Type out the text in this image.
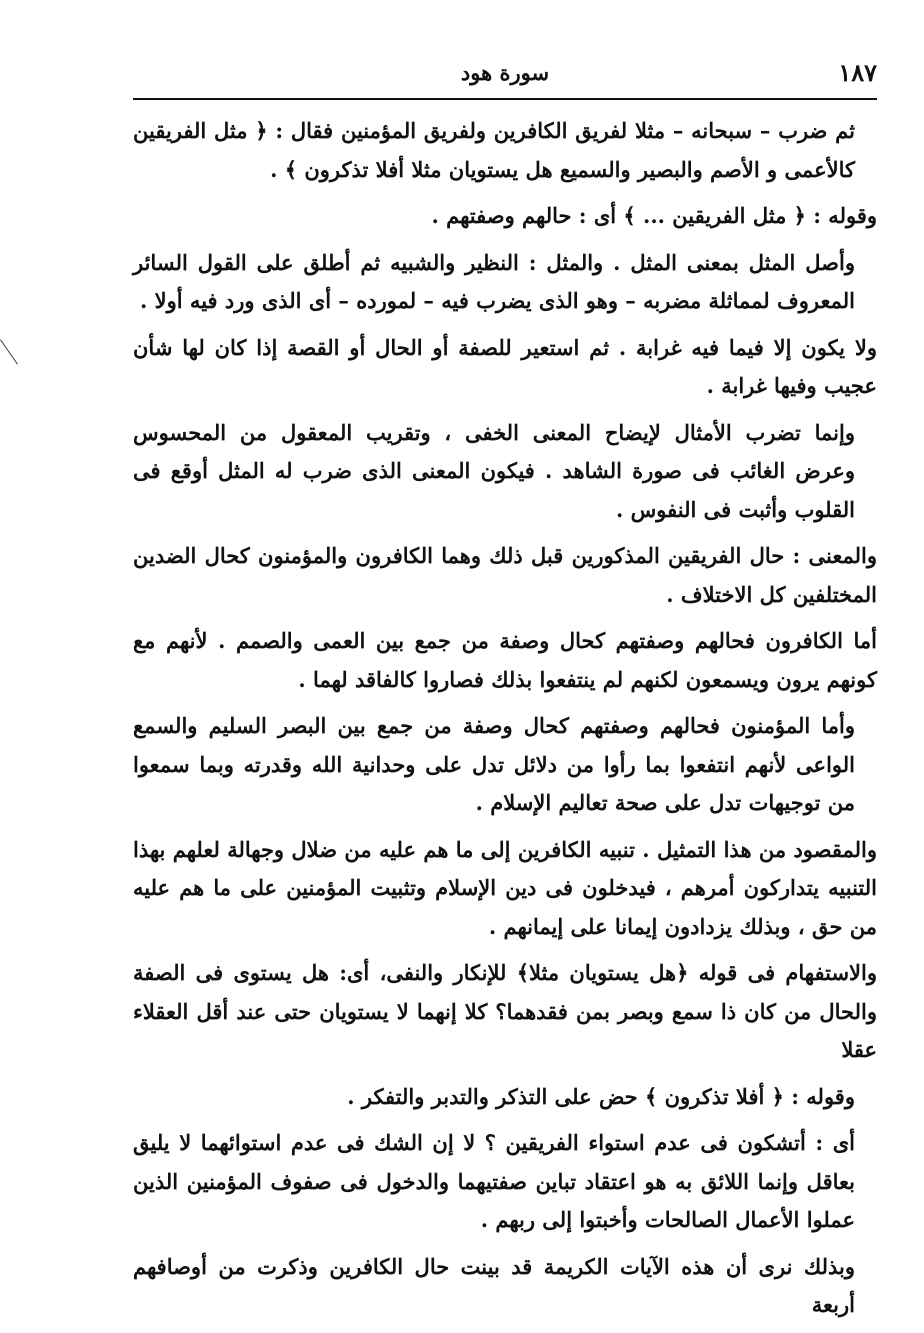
١٨٧
سورة هود

ثم ضرب – سبحانه – مثلا لفريق الكافرين ولفريق المؤمنين فقال : ﴿ مثل الفريقين كالأعمى و الأصم والبصير والسميع هل يستويان مثلا أفلا تذكرون ﴾ .

وقوله : ﴿ مثل الفريقين ... ﴾ أى : حالهم وصفتهم .

وأصل المثل بمعنى المثل . والمثل : النظير والشبيه ثم أطلق على القول السائر المعروف لمماثلة مضربه – وهو الذى يضرب فيه – لمورده – أى الذى ورد فيه أولا .

ولا يكون إلا فيما فيه غرابة . ثم استعير للصفة أو الحال أو القصة إذا كان لها شأن عجيب وفيها غرابة .

وإنما تضرب الأمثال لإيضاح المعنى الخفى ، وتقريب المعقول من المحسوس وعرض الغائب فى صورة الشاهد . فيكون المعنى الذى ضرب له المثل أوقع فى القلوب وأثبت فى النفوس .

والمعنى : حال الفريقين المذكورين قبل ذلك وهما الكافرون والمؤمنون كحال الضدين المختلفين كل الاختلاف .

أما الكافرون فحالهم وصفتهم كحال وصفة من جمع بين العمى والصمم . لأنهم مع كونهم يرون ويسمعون لكنهم لم ينتفعوا بذلك فصاروا كالفاقد لهما .

وأما المؤمنون فحالهم وصفتهم كحال وصفة من جمع بين البصر السليم والسمع الواعى لأنهم انتفعوا بما رأوا من دلائل تدل على وحدانية الله وقدرته وبما سمعوا من توجيهات تدل على صحة تعاليم الإسلام .

والمقصود من هذا التمثيل . تنبيه الكافرين إلى ما هم عليه من ضلال وجهالة لعلهم بهذا التنبيه يتداركون أمرهم ، فيدخلون فى دين الإسلام وتثبيت المؤمنين على ما هم عليه من حق ، وبذلك يزدادون إيمانا على إيمانهم .

والاستفهام فى قوله ﴿هل يستويان مثلا﴾ للإنكار والنفى، أى: هل يستوى فى الصفة والحال من كان ذا سمع وبصر بمن فقدهما؟ كلا إنهما لا يستويان حتى عند أقل العقلاء عقلا

وقوله : ﴿ أفلا تذكرون ﴾ حض على التذكر والتدبر والتفكر .

أى : أتشكون فى عدم استواء الفريقين ؟ لا إن الشك فى عدم استوائهما لا يليق بعاقل وإنما اللائق به هو اعتقاد تباين صفتيهما والدخول فى صفوف المؤمنين الذين عملوا الأعمال الصالحات وأخبتوا إلى ربهم .

وبذلك نرى أن هذه الآيات الكريمة قد بينت حال الكافرين وذكرت من أوصافهم أربعة
